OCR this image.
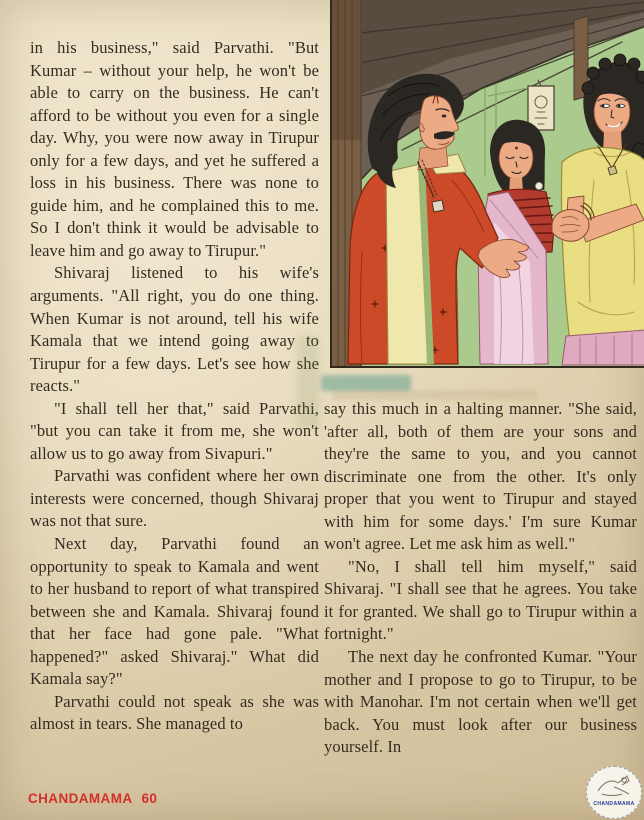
in his business," said Parvathi. "But Kumar – without your help, he won't be able to carry on the business. He can't afford to be without you even for a single day. Why, you were now away in Tirupur only for a few days, and yet he suffered a loss in his business. There was none to guide him, and he complained this to me. So I don't think it would be advisable to leave him and go away to Tirupur."

Shivaraj listened to his wife's arguments. "All right, you do one thing. When Kumar is not around, tell his wife Kamala that we intend going away to Tirupur for a few days. Let's see how she reacts."

"I shall tell her that," said Parvathi, "but you can take it from me, she won't allow us to go away from Sivapuri."

Parvathi was confident where her own interests were concerned, though Shivaraj was not that sure.

Next day, Parvathi found an opportunity to speak to Kamala and went to her husband to report of what transpired between she and Kamala. Shivaraj found that her face had gone pale. "What happened?" asked Shivaraj." What did Kamala say?"

Parvathi could not speak as she was almost in tears. She managed to

say this much in a halting manner. "She said, 'after all, both of them are your sons and they're the same to you, and you cannot discriminate one from the other. It's only proper that you went to Tirupur and stayed with him for some days.' I'm sure Kumar won't agree. Let me ask him as well."

"No, I shall tell him myself," said Shivaraj. "I shall see that he agrees. You take it for granted. We shall go to Tirupur within a fortnight."

The next day he confronted Kumar. "Your mother and I propose to go to Tirupur, to be with Manohar. I'm not certain when we'll get back. You must look after our business yourself. In

CHANDAMAMA 60	CHANDAMAMA
